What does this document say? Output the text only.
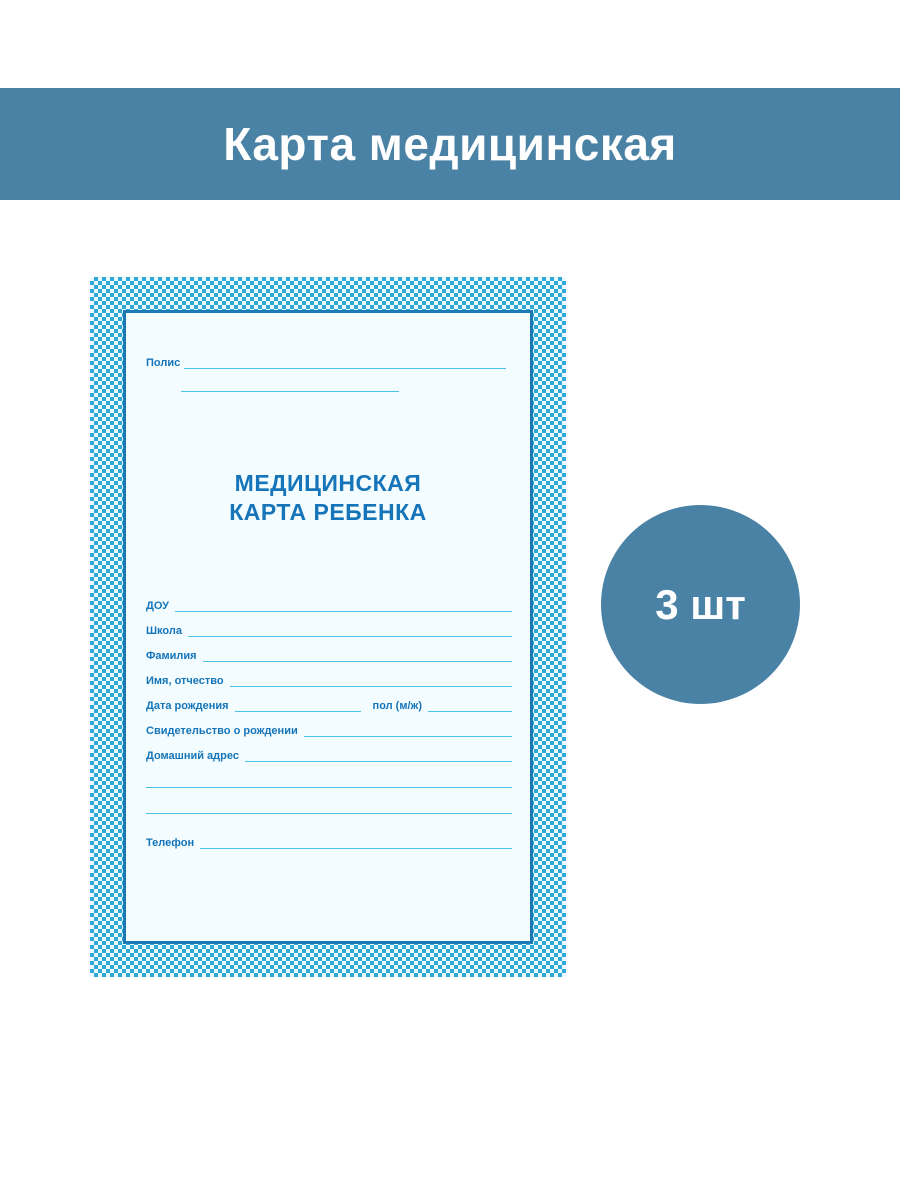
Карта медицинская
3 шт
Полис
МЕДИЦИНСКАЯ
КАРТА РЕБЕНКА
ДОУ
Школа
Фамилия
Имя, отчество
Дата рождения	пол (м/ж)
Свидетельство о рождении
Домашний адрес
Телефон
